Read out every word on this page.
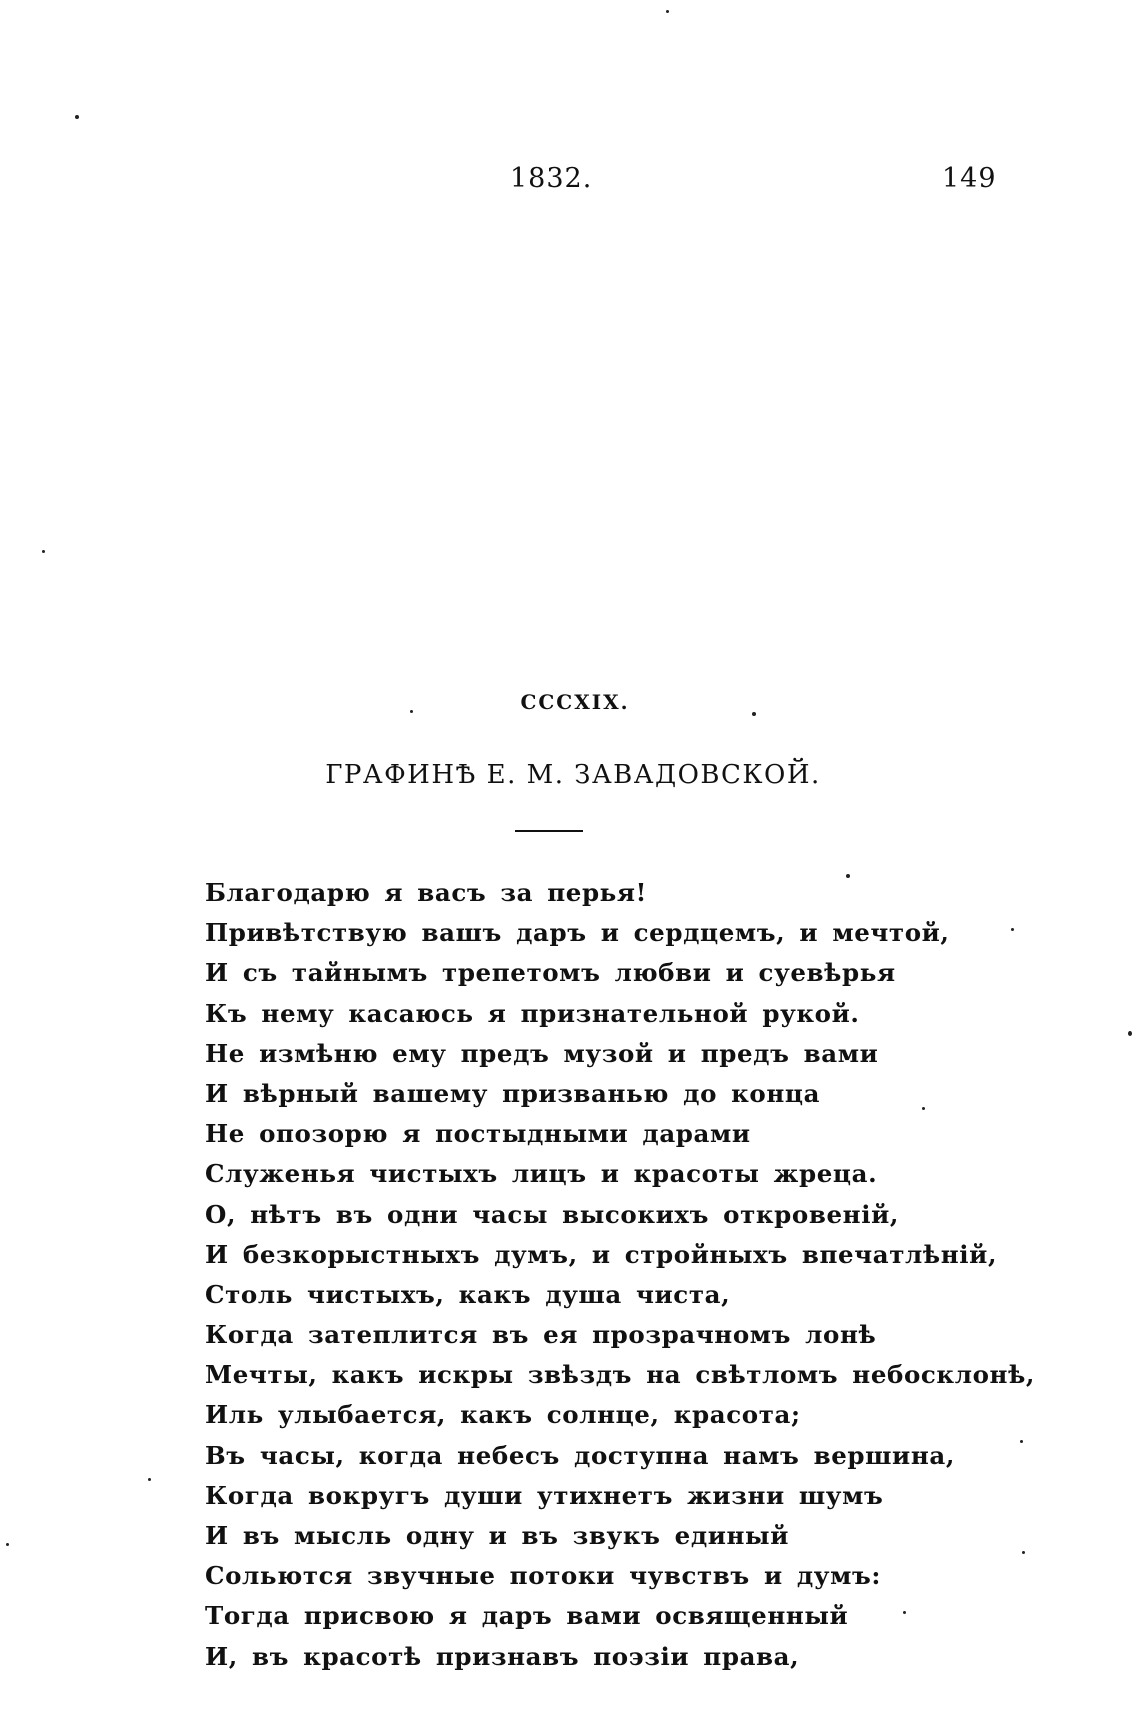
1832.	149
CCCXIX.
ГРАФИНѢ Е. М. ЗАВАДОВСКОЙ.
Благодарю я васъ за перья!
Привѣтствую вашъ даръ и сердцемъ, и мечтой,
И съ тайнымъ трепетомъ любви и суевѣрья
Къ нему касаюсь я признательной рукой.
Не измѣню ему предъ музой и предъ вами
И вѣрный вашему призванью до конца
Не опозорю я постыдными дарами
Служенья чистыхъ лицъ и красоты жреца.
О, нѣтъ въ одни часы высокихъ откровеній,
И безкорыстныхъ думъ, и стройныхъ впечатлѣній,
Столь чистыхъ, какъ душа чиста,
Когда затеплится въ ея прозрачномъ лонѣ
Мечты, какъ искры звѣздъ на свѣтломъ небосклонѣ,
Иль улыбается, какъ солнце, красота;
Въ часы, когда небесъ доступна намъ вершина,
Когда вокругъ души утихнетъ жизни шумъ
И въ мысль одну и въ звукъ единый
Сольются звучные потоки чувствъ и думъ:
Тогда присвою я даръ вами освященный
И, въ красотѣ признавъ поэзіи права,
